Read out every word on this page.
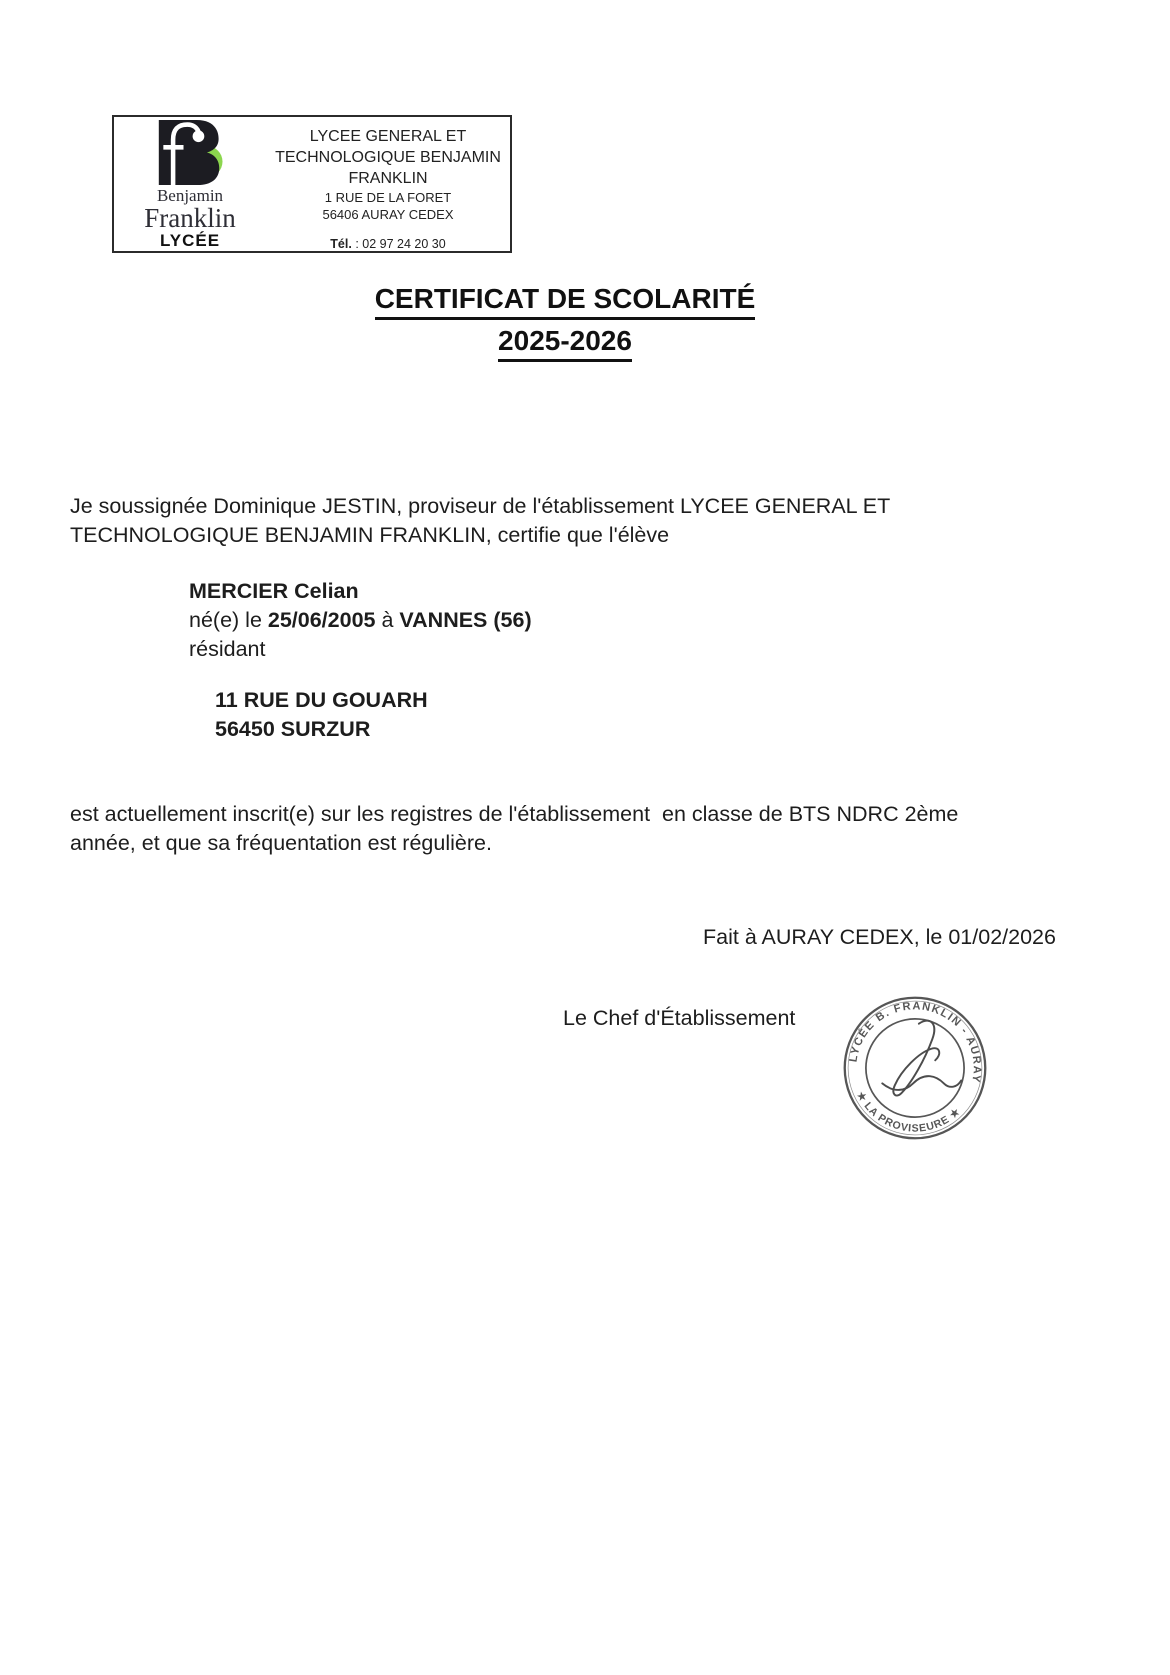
Benjamin
Franklin
LYCÉE
LYCEE GENERAL ET
TECHNOLOGIQUE BENJAMIN
FRANKLIN
1 RUE DE LA FORET
56406 AURAY CEDEX
Tél. : 02 97 24 20 30
CERTIFICAT DE SCOLARITÉ
2025-2026
Je soussignée Dominique JESTIN, proviseur de l'établissement LYCEE GENERAL ET
TECHNOLOGIQUE BENJAMIN FRANKLIN, certifie que l'élève
MERCIER Celian
né(e) le 25/06/2005 à VANNES (56)
résidant
11 RUE DU GOUARH
56450 SURZUR
est actuellement inscrit(e) sur les registres de l'établissement  en classe de BTS NDRC 2ème
année, et que sa fréquentation est régulière.
Fait à AURAY CEDEX, le 01/02/2026
Le Chef d'Établissement
LYCÉE B. FRANKLIN - AURAY
★ LA PROVISEURE ★
